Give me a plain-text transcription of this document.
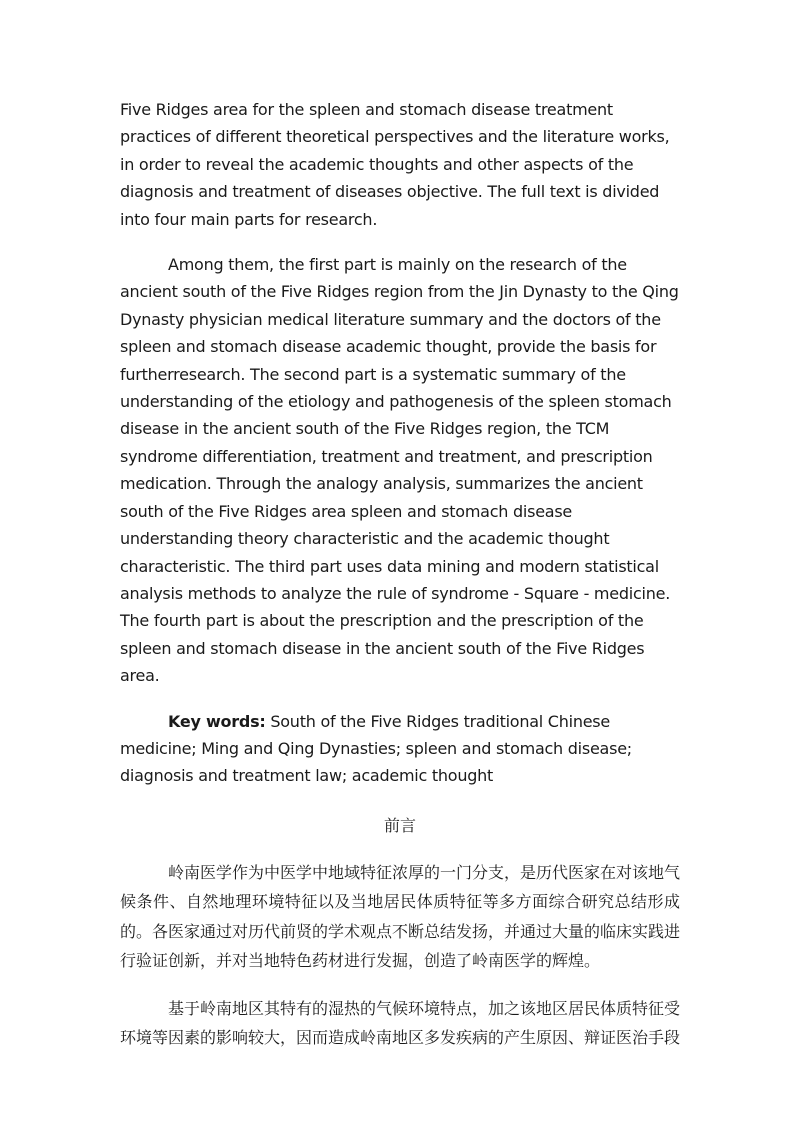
Five Ridges area for the spleen and stomach disease treatment practices of different theoretical perspectives and the literature works, in order to reveal the academic thoughts and other aspects of the diagnosis and treatment of diseases objective. The full text is divided into four main parts for research.

Among them, the first part is mainly on the research of the ancient south of the Five Ridges region from the Jin Dynasty to the Qing Dynasty physician medical literature summary and the doctors of the spleen and stomach disease academic thought, provide the basis for furtherresearch. The second part is a systematic summary of the understanding of the etiology and pathogenesis of the spleen stomach disease in the ancient south of the Five Ridges region, the TCM syndrome differentiation, treatment and treatment, and prescription medication. Through the analogy analysis, summarizes the ancient south of the Five Ridges area spleen and stomach disease understanding theory characteristic and the academic thought characteristic. The third part uses data mining and modern statistical analysis methods to analyze the rule of syndrome - Square - medicine. The fourth part is about the prescription and the prescription of the spleen and stomach disease in the ancient south of the Five Ridges area.

Key words: South of the Five Ridges traditional Chinese medicine; Ming and Qing Dynasties; spleen and stomach disease; diagnosis and treatment law; academic thought

前言

岭南医学作为中医学中地域特征浓厚的一门分支，是历代医家在对该地气候条件、自然地理环境特征以及当地居民体质特征等多方面综合研究总结形成的。各医家通过对历代前贤的学术观点不断总结发扬，并通过大量的临床实践进行验证创新，并对当地特色药材进行发掘，创造了岭南医学的辉煌。

基于岭南地区其特有的湿热的气候环境特点，加之该地区居民体质特征受环境等因素的影响较大，因而造成岭南地区多发疾病的产生原因、辩证医治手段
